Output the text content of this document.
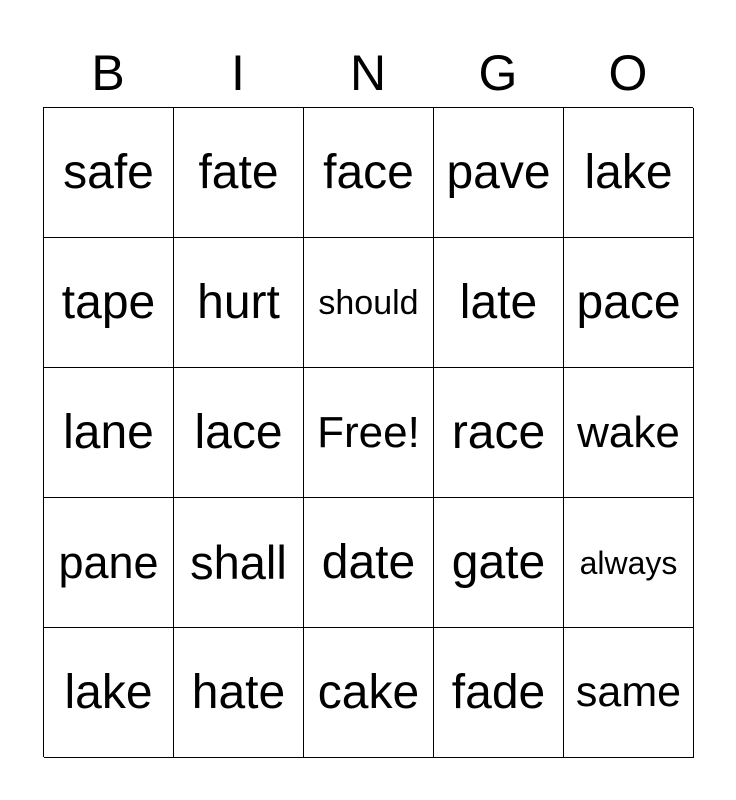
B	I	N	G	O
safe fate face pave lake
tape hurt	should late pace
lane lace Free! race wake
pane shall date gate	always
lake hate cake fade same
